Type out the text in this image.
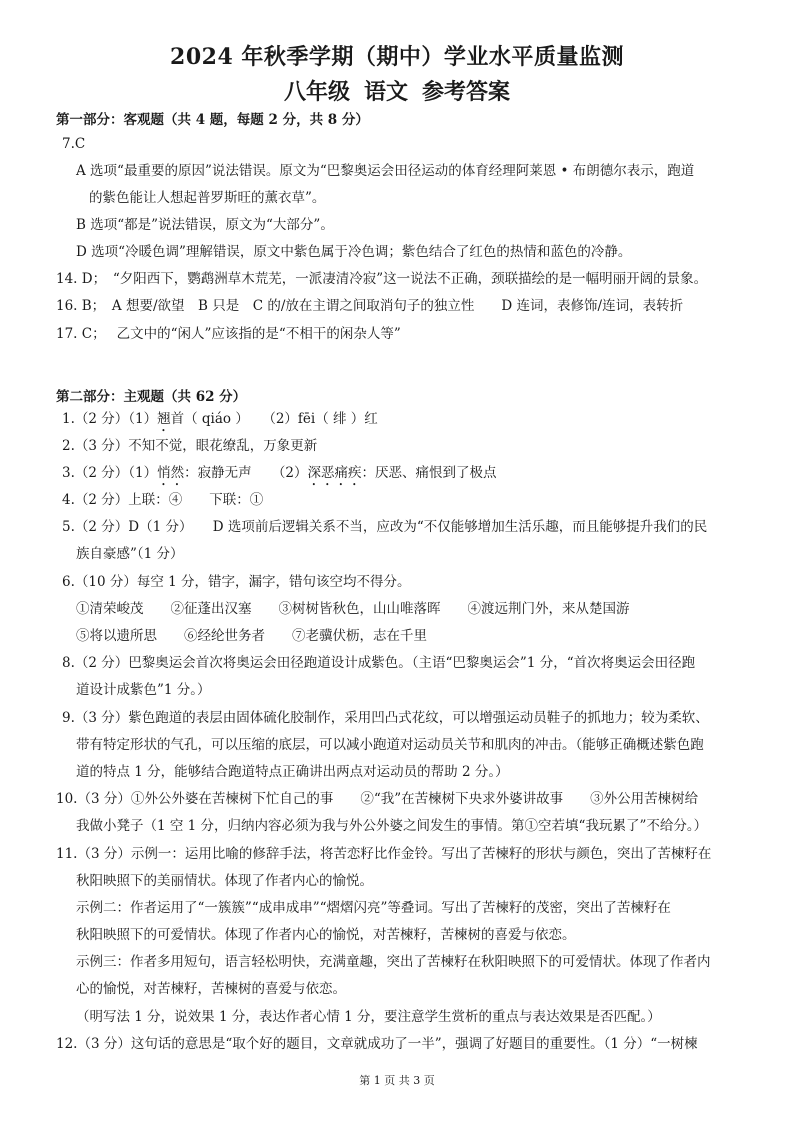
2024 年秋季学期（期中）学业水平质量监测
八年级 语文 参考答案
第一部分：客观题（共 4 题，每题 2 分，共 8 分）
7.C
A 选项“最重要的原因”说法错误。原文为“巴黎奥运会田径运动的体育经理阿莱恩 • 布朗德尔表示，跑道
的紫色能让人想起普罗斯旺的薰衣草”。
B 选项“都是”说法错误，原文为“大部分”。
D 选项“冷暖色调”理解错误，原文中紫色属于冷色调；紫色结合了红色的热情和蓝色的冷静。
14. D；　“夕阳西下，鹦鹉洲草木荒芜，一派凄清冷寂”这一说法不正确，颈联描绘的是一幅明丽开阔的景象。
16. B；　A 想要/欲望　B 只是　C 的/放在主谓之间取消句子的独立性　　D 连词，表修饰/连词，表转折
17. C；　 乙文中的“闲人”应该指的是“不相干的闲杂人等”
第二部分：主观题（共 62 分）
1.（2 分）（1）翘首（ qiáo ）　　（2）fēi（ 绯 ）红
2.（3 分）不知不觉，眼花缭乱，万象更新
3.（2 分）（1）悄然：寂静无声　　（2）深恶痛疾：厌恶、痛恨到了极点
4.（2 分）上联：④　　下联：①
5.（2 分）D（1 分）　　D 选项前后逻辑关系不当，应改为“不仅能够增加生活乐趣，而且能够提升我们的民
族自豪感”（1 分）
6.（10 分）每空 1 分，错字，漏字，错句该空均不得分。
①清荣峻茂　　②征蓬出汉塞　　③树树皆秋色，山山唯落晖　　④渡远荆门外，来从楚国游
⑤将以遗所思　　⑥经纶世务者　　⑦老骥伏枥，志在千里
8.（2 分）巴黎奥运会首次将奥运会田径跑道设计成紫色。（主语“巴黎奥运会”1 分，“首次将奥运会田径跑
道设计成紫色”1 分。）
9.（3 分）紫色跑道的表层由固体硫化胶制作，采用凹凸式花纹，可以增强运动员鞋子的抓地力；较为柔软、
带有特定形状的气孔，可以压缩的底层，可以减小跑道对运动员关节和肌肉的冲击。（能够正确概述紫色跑
道的特点 1 分，能够结合跑道特点正确讲出两点对运动员的帮助 2 分。）
10.（3 分）①外公外婆在苦楝树下忙自己的事　　②“我”在苦楝树下央求外婆讲故事　　③外公用苦楝树给
我做小凳子（1 空 1 分，归纳内容必须为我与外公外婆之间发生的事情。第①空若填“我玩累了”不给分。）
11.（3 分）示例一：运用比喻的修辞手法，将苦恋籽比作金铃。写出了苦楝籽的形状与颜色，突出了苦楝籽在
秋阳映照下的美丽情状。体现了作者内心的愉悦。
示例二：作者运用了“一簇簇”“成串成串”“熠熠闪亮”等叠词。写出了苦楝籽的茂密，突出了苦楝籽在
秋阳映照下的可爱情状。体现了作者内心的愉悦，对苦楝籽，苦楝树的喜爱与依恋。
示例三：作者多用短句，语言轻松明快，充满童趣，突出了苦楝籽在秋阳映照下的可爱情状。体现了作者内
心的愉悦，对苦楝籽，苦楝树的喜爱与依恋。
（明写法 1 分，说效果 1 分，表达作者心情 1 分，要注意学生赏析的重点与表达效果是否匹配。）
12.（3 分）这句话的意思是“取个好的题目，文章就成功了一半”，强调了好题目的重要性。（1 分）“一树楝
第 1 页 共 3 页
